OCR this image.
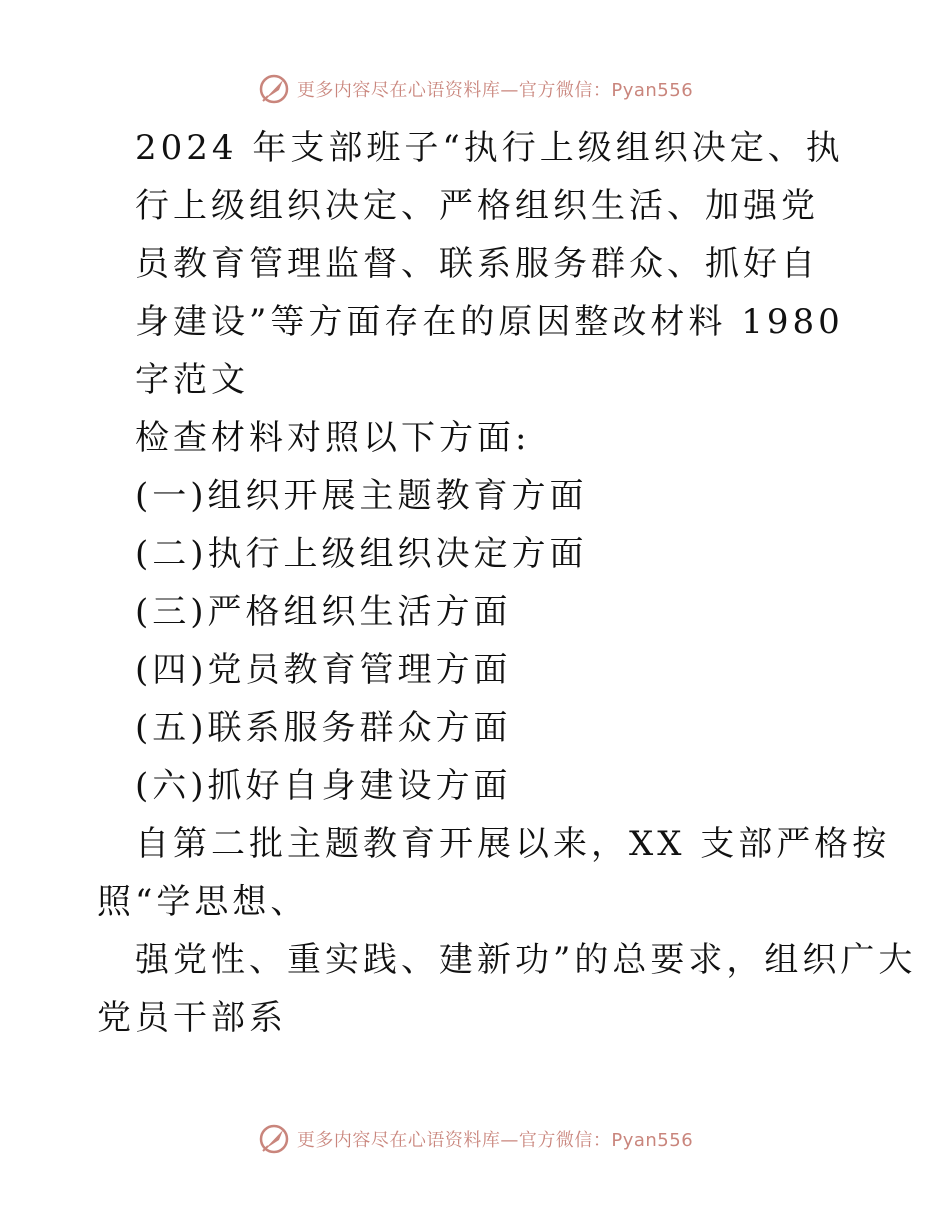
更多内容尽在心语资料库—官方微信：Pyan556
2024 年支部班子“执行上级组织决定、执
行上级组织决定、严格组织生活、加强党
员教育管理监督、联系服务群众、抓好自
身建设”等方面存在的原因整改材料 1980
字范文
检查材料对照以下方面:
(一)组织开展主题教育方面
(二)执行上级组织决定方面
(三)严格组织生活方面
(四)党员教育管理方面
(五)联系服务群众方面
(六)抓好自身建设方面
自第二批主题教育开展以来，XX 支部严格按
照“学思想、
强党性、重实践、建新功”的总要求，组织广大
党员干部系
更多内容尽在心语资料库—官方微信：Pyan556
